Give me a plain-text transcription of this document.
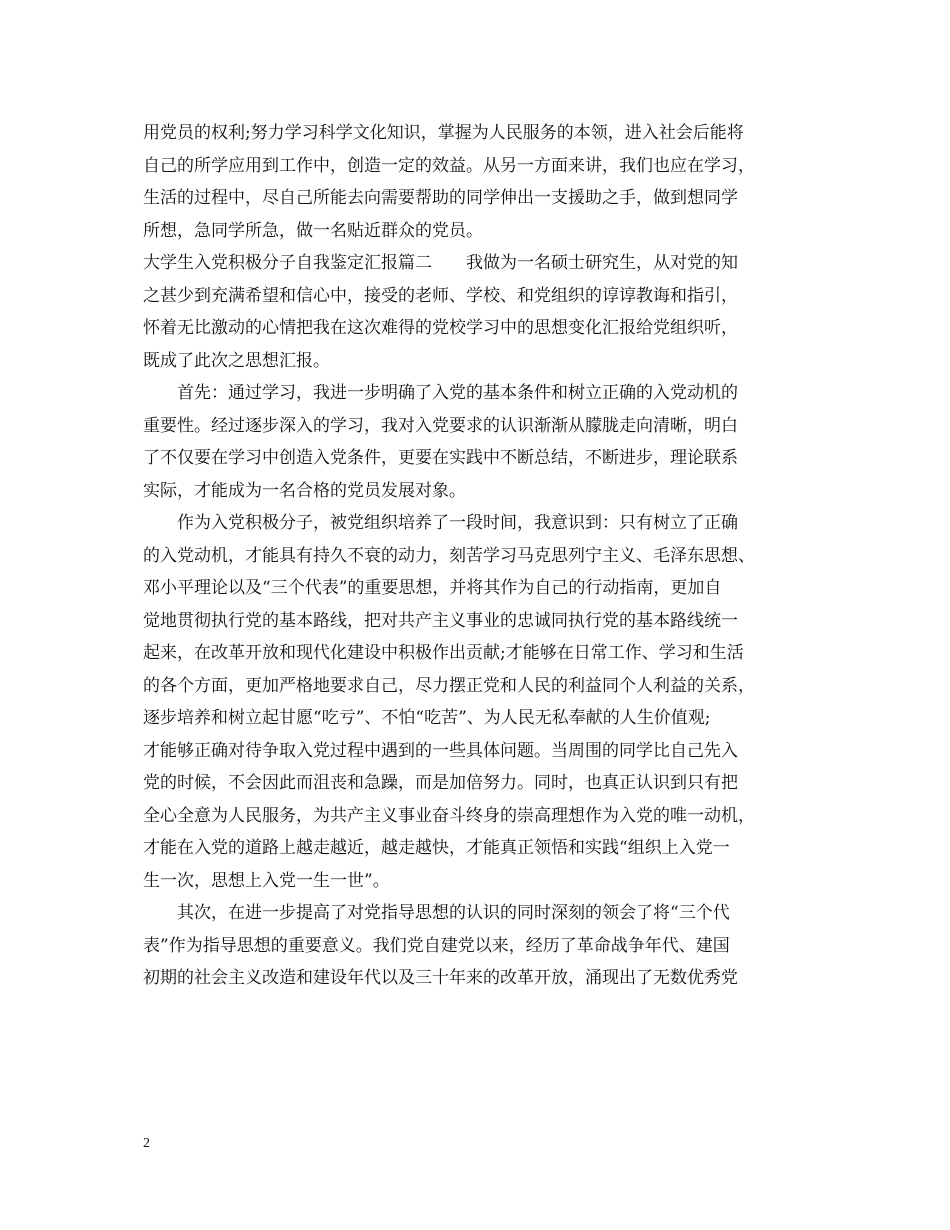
用党员的权利;努力学习科学文化知识，掌握为人民服务的本领，进入社会后能将
自己的所学应用到工作中，创造一定的效益。从另一方面来讲，我们也应在学习，
生活的过程中，尽自己所能去向需要帮助的同学伸出一支援助之手，做到想同学
所想，急同学所急，做一名贴近群众的党员。
大学生入党积极分子自我鉴定汇报篇二　　我做为一名硕士研究生，从对党的知
之甚少到充满希望和信心中，接受的老师、学校、和党组织的谆谆教诲和指引，
怀着无比激动的心情把我在这次难得的党校学习中的思想变化汇报给党组织听，
既成了此次之思想汇报。
首先：通过学习，我进一步明确了入党的基本条件和树立正确的入党动机的
重要性。经过逐步深入的学习，我对入党要求的认识渐渐从朦胧走向清晰，明白
了不仅要在学习中创造入党条件，更要在实践中不断总结，不断进步，理论联系
实际，才能成为一名合格的党员发展对象。
作为入党积极分子，被党组织培养了一段时间，我意识到：只有树立了正确
的入党动机，才能具有持久不衰的动力，刻苦学习马克思列宁主义、毛泽东思想、
邓小平理论以及“三个代表”的重要思想，并将其作为自己的行动指南，更加自
觉地贯彻执行党的基本路线，把对共产主义事业的忠诚同执行党的基本路线统一
起来，在改革开放和现代化建设中积极作出贡献;才能够在日常工作、学习和生活
的各个方面，更加严格地要求自己，尽力摆正党和人民的利益同个人利益的关系，
逐步培养和树立起甘愿“吃亏”、不怕“吃苦”、为人民无私奉献的人生价值观;
才能够正确对待争取入党过程中遇到的一些具体问题。当周围的同学比自己先入
党的时候，不会因此而沮丧和急躁，而是加倍努力。同时，也真正认识到只有把
全心全意为人民服务，为共产主义事业奋斗终身的崇高理想作为入党的唯一动机，
才能在入党的道路上越走越近，越走越快，才能真正领悟和实践“组织上入党一
生一次，思想上入党一生一世”。
其次，在进一步提高了对党指导思想的认识的同时深刻的领会了将“三个代
表”作为指导思想的重要意义。我们党自建党以来，经历了革命战争年代、建国
初期的社会主义改造和建设年代以及三十年来的改革开放，涌现出了无数优秀党
2
